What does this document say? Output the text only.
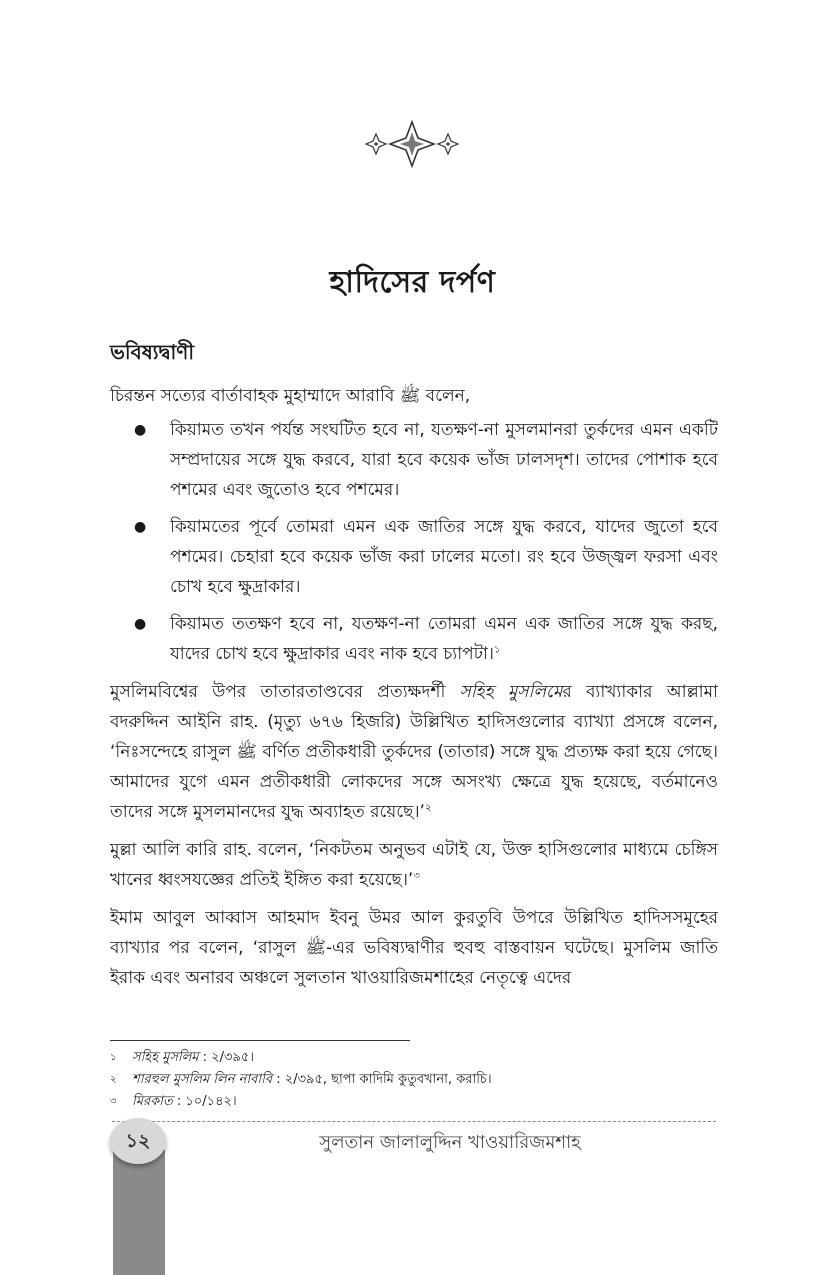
হাদিসের দর্পণ
ভবিষ্যদ্বাণী

চিরন্তন সত্যের বার্তাবাহক মুহাম্মাদে আরাবি ﷺ বলেন,

● কিয়ামত তখন পর্যন্ত সংঘটিত হবে না, যতক্ষণ-না মুসলমানরা তুর্কদের এমন একটি সম্প্রদায়ের সঙ্গে যুদ্ধ করবে, যারা হবে কয়েক ভাঁজ ঢালসদৃশ। তাদের পোশাক হবে পশমের এবং জুতোও হবে পশমের।
● কিয়ামতের পূর্বে তোমরা এমন এক জাতির সঙ্গে যুদ্ধ করবে, যাদের জুতো হবে পশমের। চেহারা হবে কয়েক ভাঁজ করা ঢালের মতো। রং হবে উজ্জ্বল ফরসা এবং চোখ হবে ক্ষুদ্রাকার।
● কিয়ামত ততক্ষণ হবে না, যতক্ষণ-না তোমরা এমন এক জাতির সঙ্গে যুদ্ধ করছ, যাদের চোখ হবে ক্ষুদ্রাকার এবং নাক হবে চ্যাপটা।$^১$

মুসলিমবিশ্বের উপর তাতারতাণ্ডবের প্রত্যক্ষদর্শী সহিহ মুসলিমের ব্যাখ্যাকার আল্লামা বদরুদ্দিন আইনি রাহ. (মৃত্যু ৬৭৬ হিজরি) উল্লিখিত হাদিসগুলোর ব্যাখ্যা প্রসঙ্গে বলেন, ‘নিঃসন্দেহে রাসুল ﷺ বর্ণিত প্রতীকধারী তুর্কদের (তাতার) সঙ্গে যুদ্ধ প্রত্যক্ষ করা হয়ে গেছে। আমাদের যুগে এমন প্রতীকধারী লোকদের সঙ্গে অসংখ্য ক্ষেত্রে যুদ্ধ হয়েছে, বর্তমানেও তাদের সঙ্গে মুসলমানদের যুদ্ধ অব্যাহত রয়েছে।’$^২$

মুল্লা আলি কারি রাহ. বলেন, ‘নিকটতম অনুভব এটাই যে, উক্ত হাসিগুলোর মাধ্যমে চেঙ্গিস খানের ধ্বংসযজ্ঞের প্রতিই ইঙ্গিত করা হয়েছে।’$^৩$

ইমাম আবুল আব্বাস আহমাদ ইবনু উমর আল কুরতুবি উপরে উল্লিখিত হাদিসসমূহের ব্যাখ্যার পর বলেন, ‘রাসুল ﷺ-এর ভবিষ্যদ্বাণীর হুবহু বাস্তবায়ন ঘটেছে। মুসলিম জাতি ইরাক এবং অনারব অঞ্চলে সুলতান খাওয়ারিজমশাহের নেতৃত্বে এদের

১ সহিহ মুসলিম : ২/৩৯৫।
২ শারহুল মুসলিম লিন নাবাবি : ২/৩৯৫, ছাপা কাদিমি কুতুবখানা, করাচি।
৩ মিরকাত : ১০/১৪২।
১২	সুলতান জালালুদ্দিন খাওয়ারিজমশাহ
